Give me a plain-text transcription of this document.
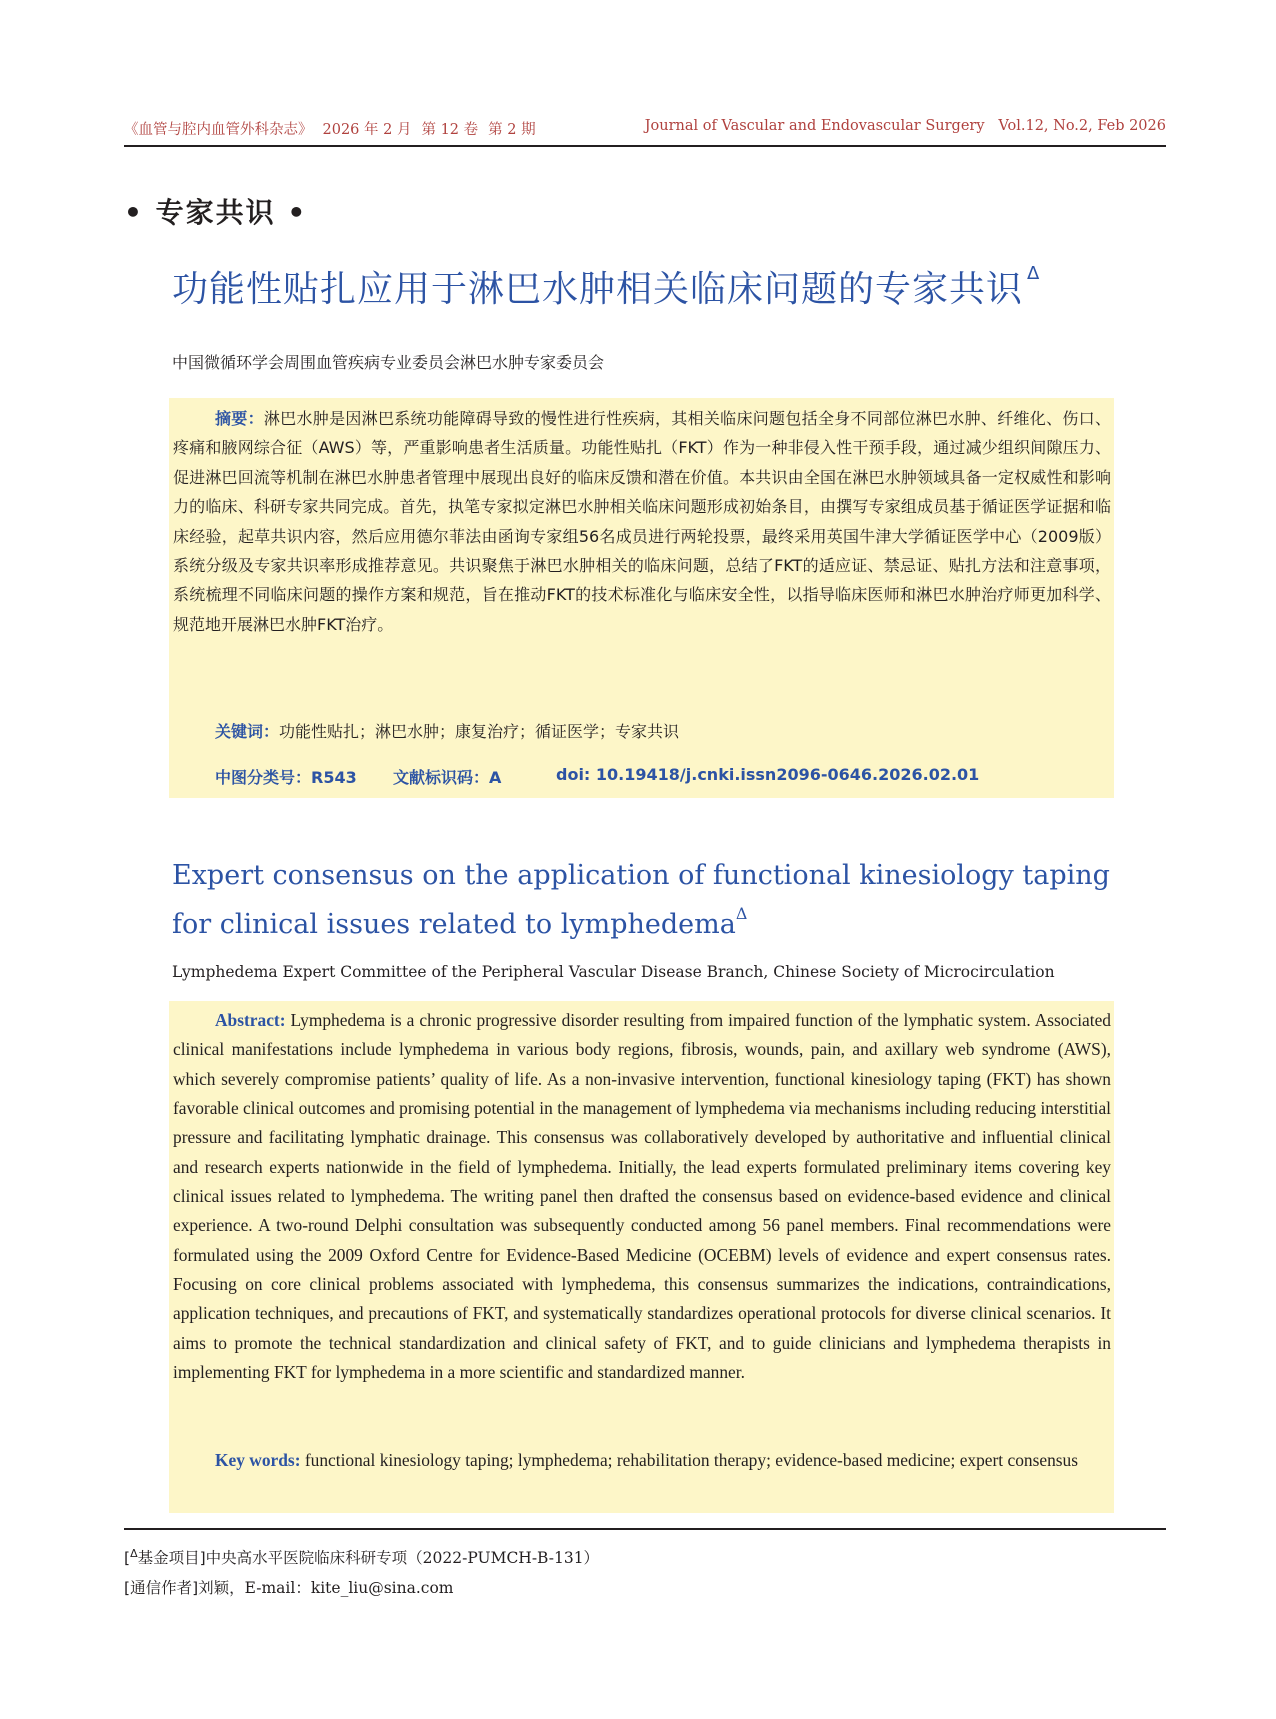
《血管与腔内血管外科杂志》 2026 年 2 月 第 12 卷 第 2 期	Journal of Vascular and Endovascular Surgery   Vol.12, No.2, Feb 2026
• 专家共识 •
功能性贴扎应用于淋巴水肿相关临床问题的专家共识 $^\Delta$
中国微循环学会周围血管疾病专业委员会淋巴水肿专家委员会

摘要：淋巴水肿是因淋巴系统功能障碍导致的慢性进行性疾病，其相关临床问题包括全身不同部位淋巴水肿、纤维化、伤口、疼痛和腋网综合征（AWS）等，严重影响患者生活质量。功能性贴扎（FKT）作为一种非侵入性干预手段，通过减少组织间隙压力、促进淋巴回流等机制在淋巴水肿患者管理中展现出良好的临床反馈和潜在价值。本共识由全国在淋巴水肿领域具备一定权威性和影响力的临床、科研专家共同完成。首先，执笔专家拟定淋巴水肿相关临床问题形成初始条目，由撰写专家组成员基于循证医学证据和临床经验，起草共识内容，然后应用德尔菲法由函询专家组56名成员进行两轮投票，最终采用英国牛津大学循证医学中心（2009版）系统分级及专家共识率形成推荐意见。共识聚焦于淋巴水肿相关的临床问题，总结了FKT的适应证、禁忌证、贴扎方法和注意事项，系统梳理不同临床问题的操作方案和规范，旨在推动FKT的技术标准化与临床安全性，以指导临床医师和淋巴水肿治疗师更加科学、规范地开展淋巴水肿FKT治疗。

关键词：功能性贴扎；淋巴水肿；康复治疗；循证医学；专家共识
中图分类号：R543	文献标识码：A	doi: 10.19418/j.cnki.issn2096-0646.2026.02.01
Expert consensus on the application of functional kinesiology taping for clinical issues related to lymphedema$^\Delta$
Lymphedema Expert Committee of the Peripheral Vascular Disease Branch, Chinese Society of Microcirculation

Abstract: Lymphedema is a chronic progressive disorder resulting from impaired function of the lymphatic system. Associated clinical manifestations include lymphedema in various body regions, fibrosis, wounds, pain, and axillary web syndrome (AWS), which severely compromise patients’ quality of life. As a non-invasive intervention, functional kinesiology taping (FKT) has shown favorable clinical outcomes and promising potential in the management of lymphedema via mechanisms including reducing interstitial pressure and facilitating lymphatic drainage. This consensus was collaboratively developed by authoritative and influential clinical and research experts nationwide in the field of lymphedema. Initially, the lead experts formulated preliminary items covering key clinical issues related to lymphedema. The writing panel then drafted the consensus based on evidence-based evidence and clinical experience. A two-round Delphi consultation was subsequently conducted among 56 panel members. Final recommendations were formulated using the 2009 Oxford Centre for Evidence-Based Medicine (OCEBM) levels of evidence and expert consensus rates. Focusing on core clinical problems associated with lymphedema, this consensus summarizes the indications, contraindications, application techniques, and precautions of FKT, and systematically standardizes operational protocols for diverse clinical scenarios. It aims to promote the technical standardization and clinical safety of FKT, and to guide clinicians and lymphedema therapists in implementing FKT for lymphedema in a more scientific and standardized manner.

Key words: functional kinesiology taping; lymphedema; rehabilitation therapy; evidence-based medicine; expert consensus

[$^\Delta$基金项目]中央高水平医院临床科研专项（2022-PUMCH-B-131）
[通信作者]刘颖，E-mail：kite_liu@sina.com
